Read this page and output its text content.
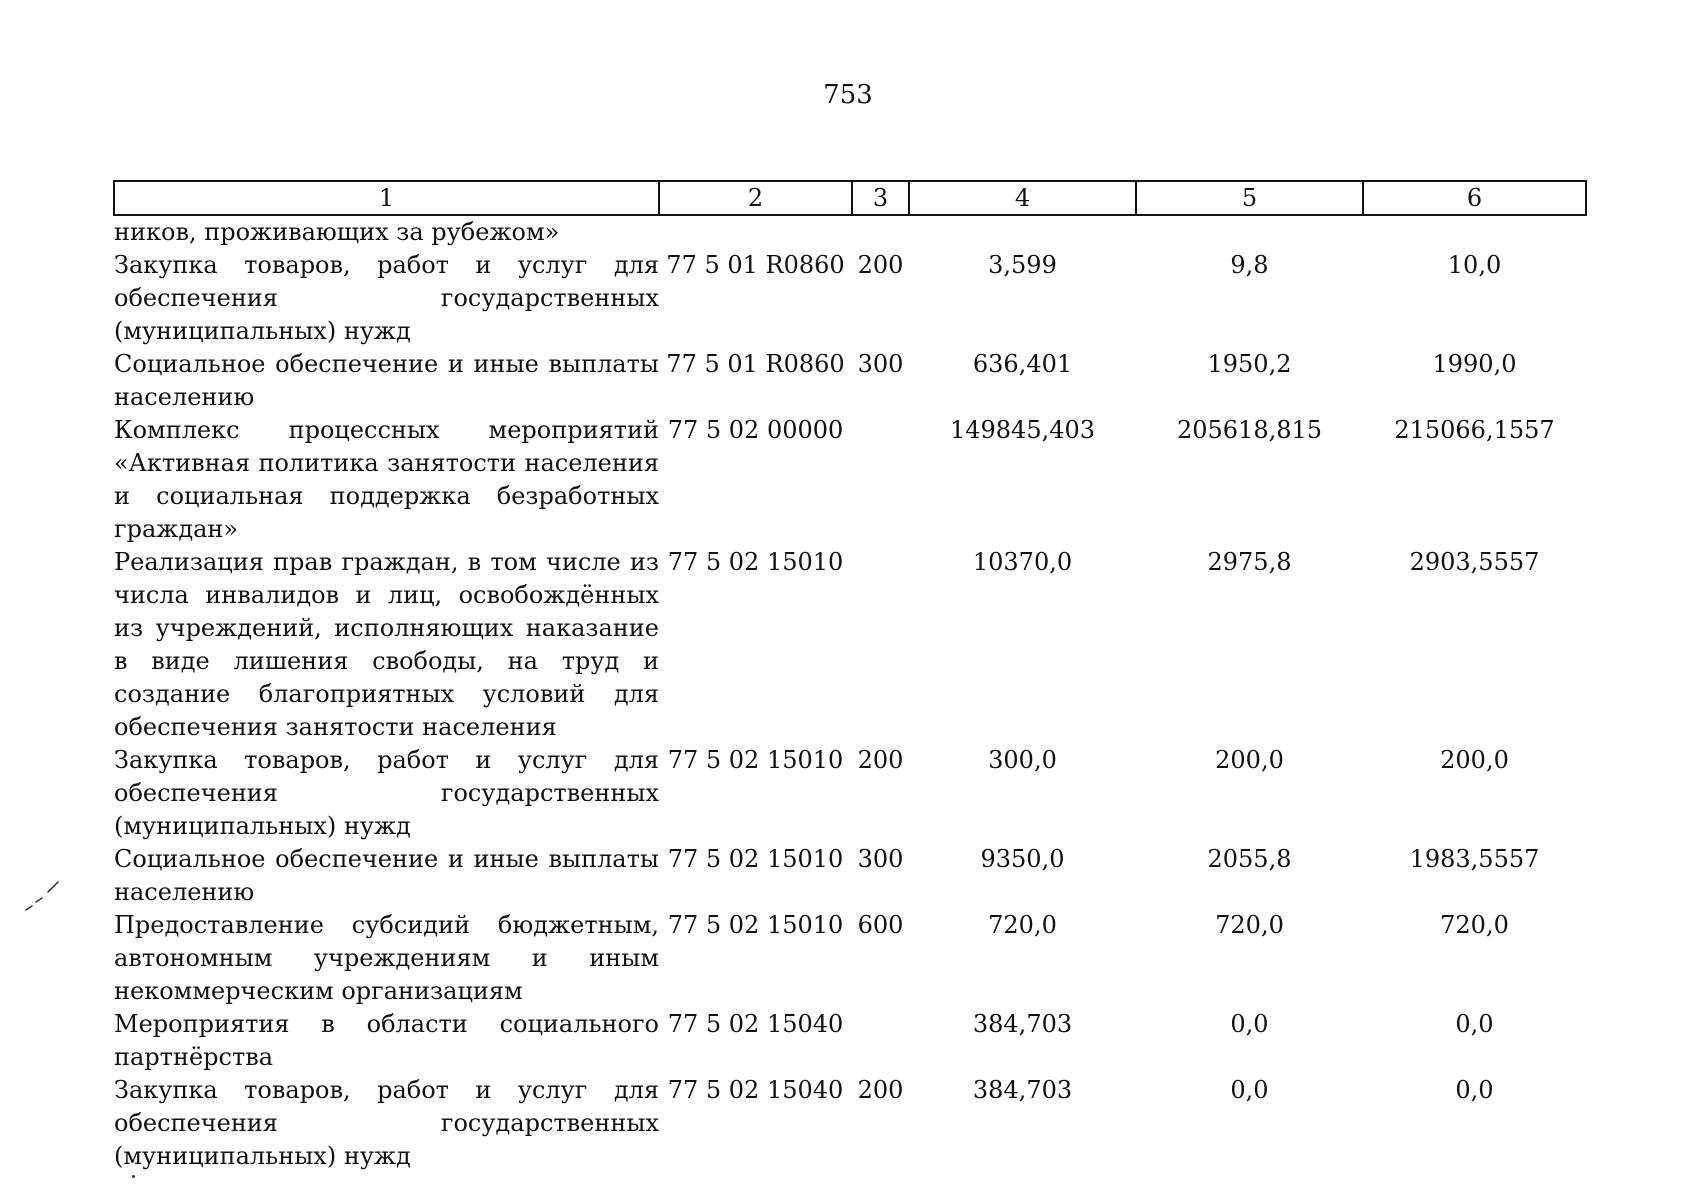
753
1	2	3	4	5	6
ников, проживающих за рубежом»					
Закупка товаров, работ и услуг для обеспечения государственных (муниципальных) нужд	77 5 01 R0860	200	3,599	9,8	10,0
Социальное обеспечение и иные выплаты населению	77 5 01 R0860	300	636,401	1950,2	1990,0
Комплекс процессных мероприятий «Активная политика занятости населения и социальная поддержка безработных граждан»	77 5 02 00000		149845,403	205618,815	215066,1557
Реализация прав граждан, в том числе из числа инвалидов и лиц, освобождённых из учреждений, исполняющих наказание в виде лишения свободы, на труд и создание благоприятных условий для обеспечения занятости населения	77 5 02 15010		10370,0	2975,8	2903,5557
Закупка товаров, работ и услуг для обеспечения государственных (муниципальных) нужд	77 5 02 15010	200	300,0	200,0	200,0
Социальное обеспечение и иные выплаты населению	77 5 02 15010	300	9350,0	2055,8	1983,5557
Предоставление субсидий бюджетным, автономным учреждениям и иным некоммерческим организациям	77 5 02 15010	600	720,0	720,0	720,0
Мероприятия в области социального партнёрства	77 5 02 15040		384,703	0,0	0,0
Закупка товаров, работ и услуг для обеспечения государственных (муниципальных) нужд	77 5 02 15040	200	384,703	0,0	0,0
